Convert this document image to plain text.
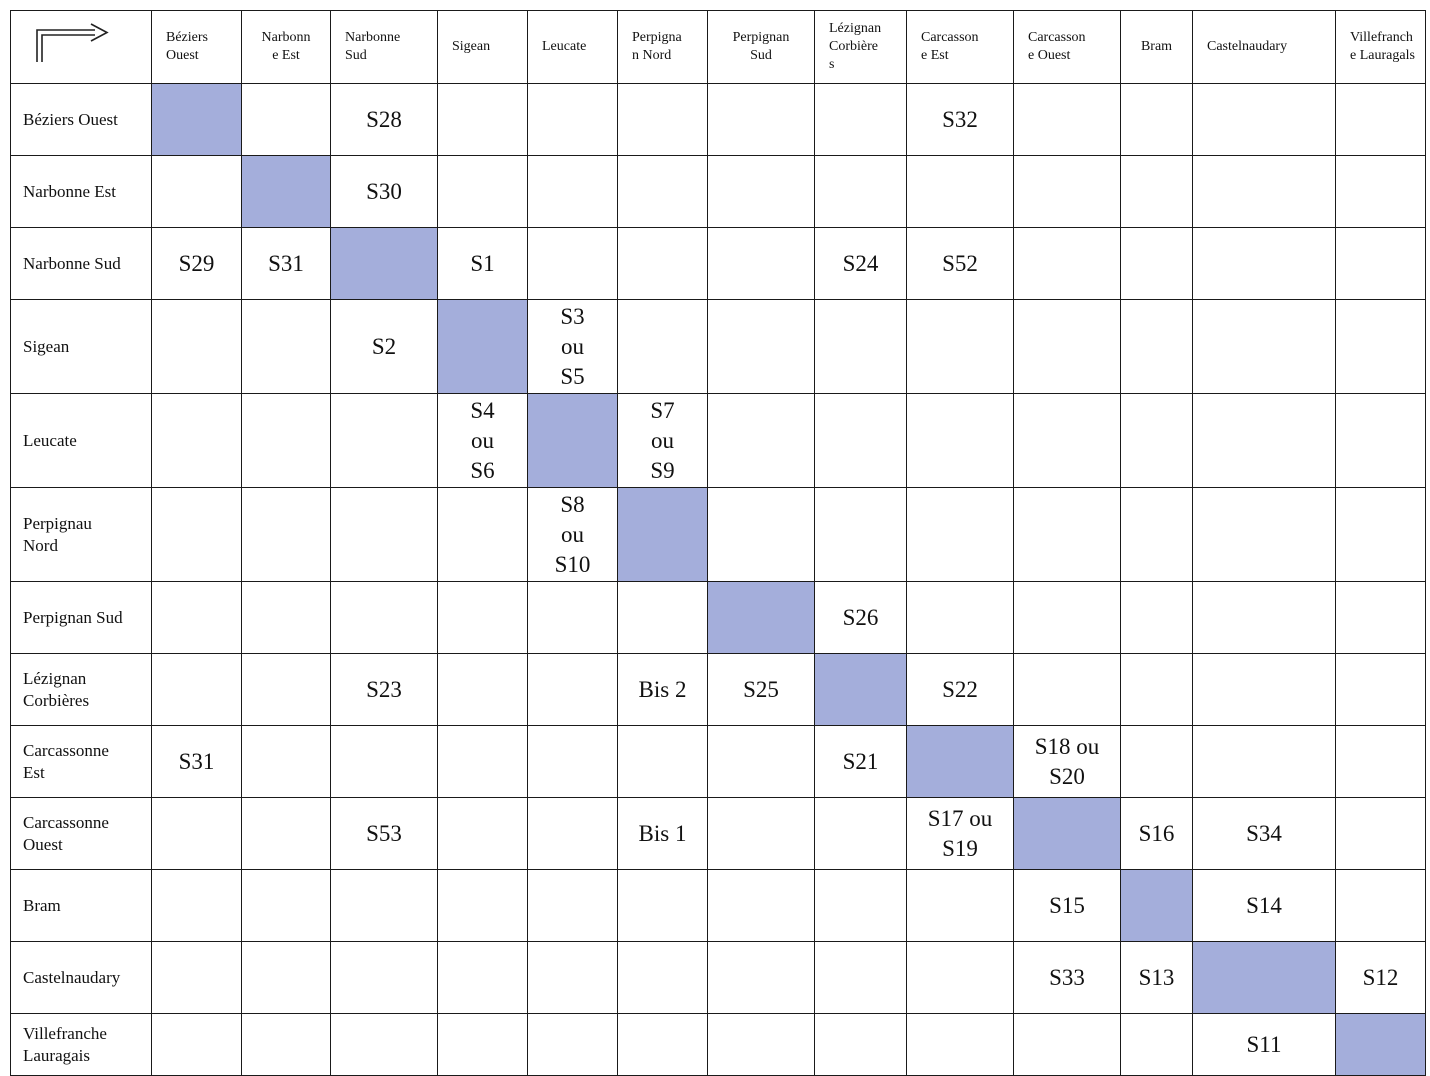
	Béziers
Ouest	Narbonn
e Est	Narbonne
Sud	Sigean	Leucate	Perpigna
n Nord	Perpignan
Sud	Lézignan
Corbière
s	Carcasson
e Est	Carcasson
e Ouest	Bram	Castelnaudary	Villefranch
e Lauragals
Béziers Ouest			S28						S32				
Narbonne Est			S30										
Narbonne Sud	S29	S31		S1				S24	S52				
Sigean			S2		S3
ou
S5								
Leucate				S4
ou
S6		S7
ou
S9							
Perpignau
Nord					S8
ou
S10								
Perpignan Sud								S26					
Lézignan
Corbières			S23			Bis 2	S25		S22				
Carcassonne
Est	S31							S21		S18 ou
S20			
Carcassonne
Ouest			S53			Bis 1			S17 ou
S19		S16	S34	
Bram										S15		S14	
Castelnaudary										S33	S13		S12
Villefranche
Lauragais												S11	
